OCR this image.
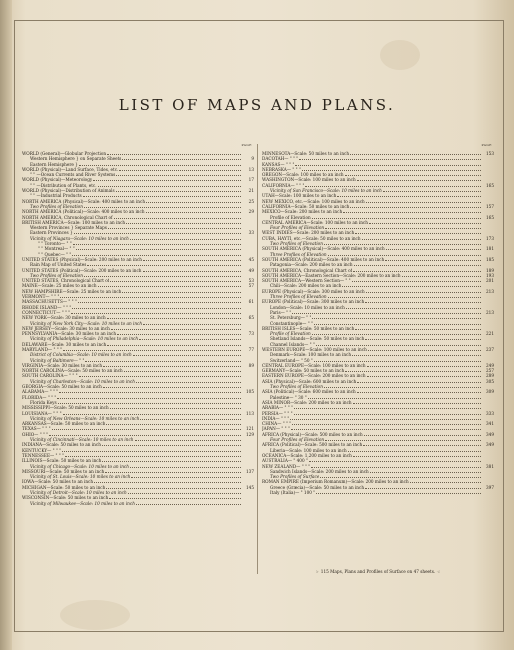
LIST OF MAPS AND PLANS.
PAGE
WORLD (General)—Globular Projection
Western Hemisphere } on Separate Sheets	9
Eastern Hemisphere }
WORLD (Physical)—Land Surface, Tides, etc.	13
" " —Ocean Currents and River Systems
WORLD (Physical)—Meteorology	17
" " —Distribution of Plants, etc.
WORLD (Physical)—Distribution of Animals	21
" " —Industrial Products
NORTH AMERICA (Physical)—Scale: 400 miles to an inch	25
Two Profiles of Elevation
NORTH AMERICA (Political)—Scale: 400 miles to an inch	29
NORTH AMERICA, Chronological Chart of
BRITISH AMERICA—Scale: 100 miles to an inch
Western Provinces } Separate Maps
Eastern Provinces }	33
Vicinity of Niagara—Scale: 10 miles to an inch
" " Toronto— " "
" " Montreal— " "
" " Quebec— " "
UNITED STATES (Physical)—Scale: 200 miles to an inch	45
Rain Map of United States
UNITED STATES (Political)—Scale: 200 miles to an inch	49
Two Profiles of Elevation
UNITED STATES, Chronological Chart of	53
MAINE—Scale: 25 miles to an inch	57
NEW HAMPSHIRE—Scale: 25 miles to an inch
VERMONT— " " "
MASSACHUSETTS— " " "	61
RHODE ISLAND— " " "
CONNECTICUT— " " "
NEW YORK—Scale: 30 miles to an inch	65
Vicinity of New York City—Scale: 10 miles to an inch
NEW JERSEY—Scale: 30 miles to an inch
PENNSYLVANIA—Scale: 30 miles to an inch	73
Vicinity of Philadelphia—Scale: 10 miles to an inch
DELAWARE—Scale: 30 miles to an inch
MARYLAND— " " "	77
District of Columbia—Scale: 10 miles to an inch
Vicinity of Baltimore— " "
VIRGINIA—Scale: 30 miles to an inch	89
NORTH CAROLINA—Scale: 50 miles to an inch
SOUTH CAROLINA— " " "
Vicinity of Charleston—Scale: 10 miles to an inch
GEORGIA—Scale: 50 miles to an inch
ALABAMA— " " "	105
FLORIDA— " " "
Florida Keys
MISSISSIPPI—Scale: 50 miles to an inch
LOUISIANA— " " "	113
Vicinity of New Orleans—Scale: 10 miles to an inch
ARKANSAS—Scale: 50 miles to an inch
TEXAS— " " "	121
OHIO— " " "	129
Vicinity of Cincinnati—Scale: 10 miles to an inch
INDIANA—Scale: 50 miles to an inch
KENTUCKY— " " "
TENNESSEE— " " "
ILLINOIS—Scale: 50 miles to an inch
Vicinity of Chicago—Scale: 10 miles to an inch
MISSOURI—Scale: 50 miles to an inch	137
Vicinity of St. Louis—Scale: 10 miles to an inch
IOWA—Scale: 50 miles to an inch
MICHIGAN—Scale: 50 miles to an inch	145
Vicinity of Detroit—Scale: 10 miles to an inch
WISCONSIN—Scale: 50 miles to an inch
Vicinity of Milwaukee—Scale: 10 miles to an inch
PAGE
MINNESOTA—Scale: 50 miles to an inch	153
DACOTAH— " " "
KANSAS— " " "
NEBRASKA— " " "
OREGON—Scale: 100 miles to an inch
WASHINGTON—Scale: 100 miles to an inch
CALIFORNIA— " " "	165
Vicinity of San Francisco—Scale: 10 miles to an inch
UTAH—Scale: 100 miles to an inch
NEW MEXICO, etc.—Scale: 100 miles to an inch
CALIFORNIA—Scale: 50 miles to an inch	157
MEXICO—Scale: 200 miles to an inch
Profile of Elevation	165
CENTRAL AMERICA—Scale: 100 miles to an inch
Four Profiles of Elevation
WEST INDIES—Scale: 200 miles to an inch
CUBA, HAYTI, etc.—Scale: 50 miles to an inch	173
Two Profiles of Elevation
SOUTH AMERICA (Physical)—Scale: 400 miles to an inch	181
Three Profiles of Elevation
SOUTH AMERICA (Political)—Scale: 400 miles to an inch	185
Patagonia—Scale: 200 miles to an inch
SOUTH AMERICA, Chronological Chart of	189
SOUTH AMERICA—Eastern Section—Scale: 200 miles to an inch	193
SOUTH AMERICA—Western Section— " "	201
Chili—Scale: 200 miles to an inch
EUROPE (Physical)—Scale: 300 miles to an inch	213
Three Profiles of Elevation
EUROPE (Political)—Scale: 300 miles to an inch
London—Scale: 10 miles to an inch
Paris— " "	213
St. Petersburg— " "
Constantinople— " "
BRITISH ISLES—Scale: 50 miles to an inch
Profile of Elevation	221
Shetland Islands—Scale: 50 miles to an inch
Channel Islands— " "
WESTERN EUROPE—Scale: 100 miles to an inch	237
Denmark—Scale: 100 miles to an inch
Switzerland— " 50 "
CENTRAL EUROPE—Scale: 100 miles to an inch	249
GERMANY—Scale: 50 miles to an inch	257
EASTERN EUROPE—Scale: 200 miles to an inch	289
ASIA (Physical)—Scale: 600 miles to an inch	305
Two Profiles of Elevation
ASIA (Political)—Scale: 600 miles to an inch	309
Palestine— " 30 "
ASIA MINOR—Scale: 200 miles to an inch
ARABIA— " " "
PERSIA— " " "	333
INDIA— " " "
CHINA— " " "	341
JAPAN— " " "
AFRICA (Physical)—Scale: 500 miles to an inch	349
Four Profiles of Elevation
AFRICA (Political)—Scale: 500 miles to an inch	349
Liberia—Scale: 100 miles to an inch
OCEANICA—Scale: 1,200 miles to an inch
AUSTRALIA— " 400 "
NEW ZEALAND— " " "	381
Sandwich Islands—Scale: 200 miles to an inch
Two Profiles of Surface
ROMAN EMPIRE (Imperium Romanum)—Scale: 200 miles to an inch
Greece (Græcia)—Scale: 50 miles to an inch	397
Italy (Italia)— " 100 "
☞ 115 Maps, Plans and Profiles of Surface on 47 sheets. ☜
